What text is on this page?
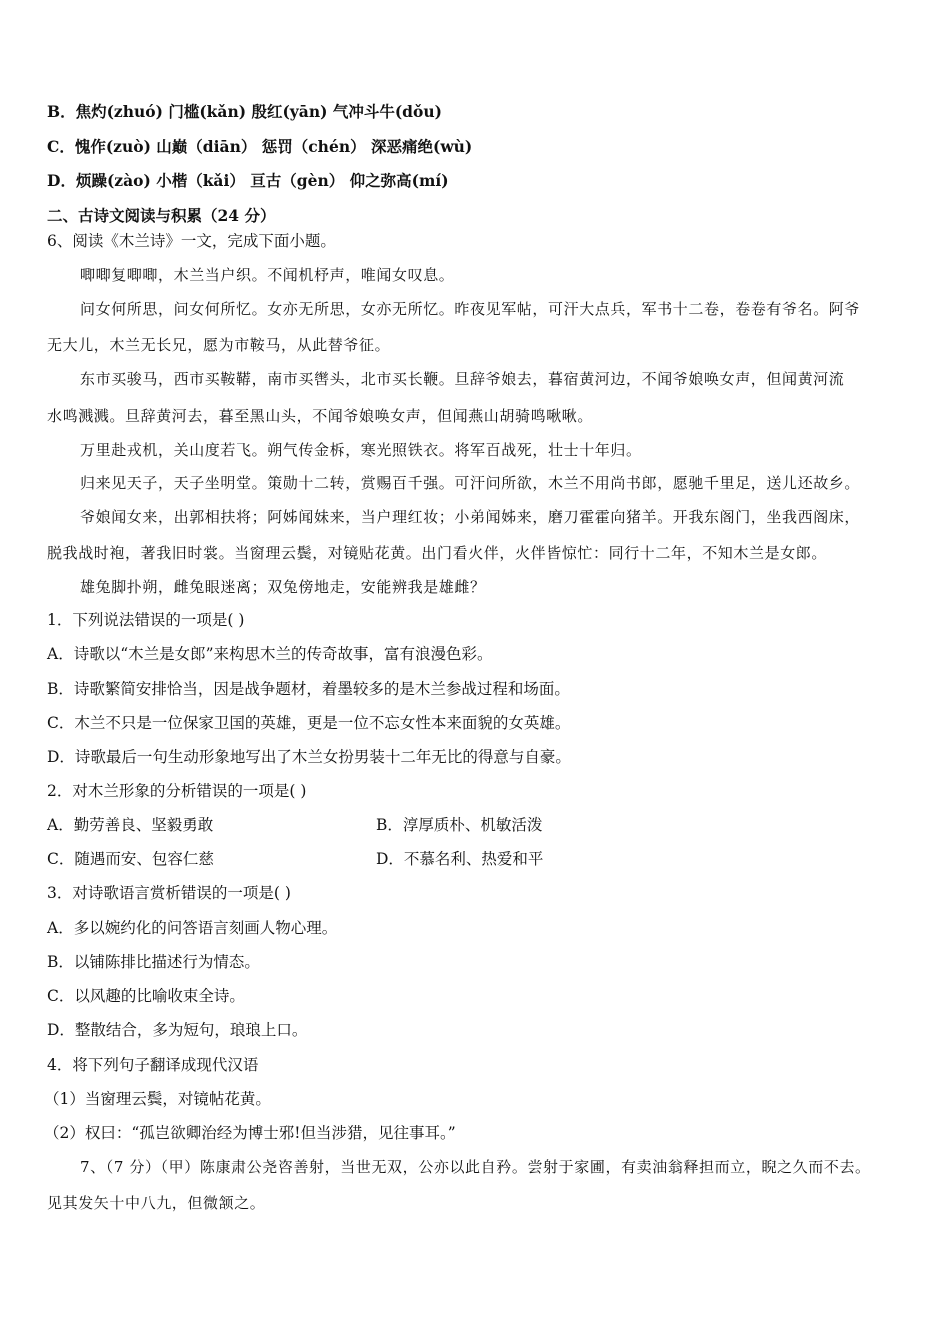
B．焦灼(zhuó) 门槛(kǎn) 殷红(yān) 气冲斗牛(dǒu)
C．愧作(zuò) 山巅（diān） 惩罚（chén） 深恶痛绝(wù)
D．烦躁(zào) 小楷（kǎi） 亘古（gèn） 仰之弥高(mí)
二、古诗文阅读与积累（24 分）
6、阅读《木兰诗》一文，完成下面小题。
唧唧复唧唧，木兰当户织。不闻机杼声，唯闻女叹息。
问女何所思，问女何所忆。女亦无所思，女亦无所忆。昨夜见军帖，可汗大点兵，军书十二卷，卷卷有爷名。阿爷
无大儿，木兰无长兄，愿为市鞍马，从此替爷征。
东市买骏马，西市买鞍鞯，南市买辔头，北市买长鞭。旦辞爷娘去，暮宿黄河边，不闻爷娘唤女声，但闻黄河流
水鸣溅溅。旦辞黄河去，暮至黑山头，不闻爷娘唤女声，但闻燕山胡骑鸣啾啾。
万里赴戎机，关山度若飞。朔气传金柝，寒光照铁衣。将军百战死，壮士十年归。
归来见天子，天子坐明堂。策勋十二转，赏赐百千强。可汗问所欲，木兰不用尚书郎，愿驰千里足，送儿还故乡。
爷娘闻女来，出郭相扶将；阿姊闻妹来，当户理红妆；小弟闻姊来，磨刀霍霍向猪羊。开我东阁门，坐我西阁床，
脱我战时袍，著我旧时裳。当窗理云鬓，对镜贴花黄。出门看火伴，火伴皆惊忙：同行十二年，不知木兰是女郎。
雄兔脚扑朔，雌兔眼迷离；双兔傍地走，安能辨我是雄雌？
1．下列说法错误的一项是( )
A．诗歌以“木兰是女郎”来构思木兰的传奇故事，富有浪漫色彩。
B．诗歌繁简安排恰当，因是战争题材，着墨较多的是木兰参战过程和场面。
C．木兰不只是一位保家卫国的英雄，更是一位不忘女性本来面貌的女英雄。
D．诗歌最后一句生动形象地写出了木兰女扮男装十二年无比的得意与自豪。
2．对木兰形象的分析错误的一项是( )
A．勤劳善良、坚毅勇敢	B．淳厚质朴、机敏活泼
C．随遇而安、包容仁慈	D．不慕名利、热爱和平
3．对诗歌语言赏析错误的一项是( )
A．多以婉约化的问答语言刻画人物心理。
B．以铺陈排比描述行为情态。
C．以风趣的比喻收束全诗。
D．整散结合，多为短句，琅琅上口。
4．将下列句子翻译成现代汉语
（1）当窗理云鬓，对镜帖花黄。
（2）权曰：“孤岂欲卿治经为博士邪!但当涉猎，见往事耳。”
7、（7 分）（甲）陈康肃公尧咨善射，当世无双，公亦以此自矜。尝射于家圃，有卖油翁释担而立，睨之久而不去。
见其发矢十中八九，但微颔之。
